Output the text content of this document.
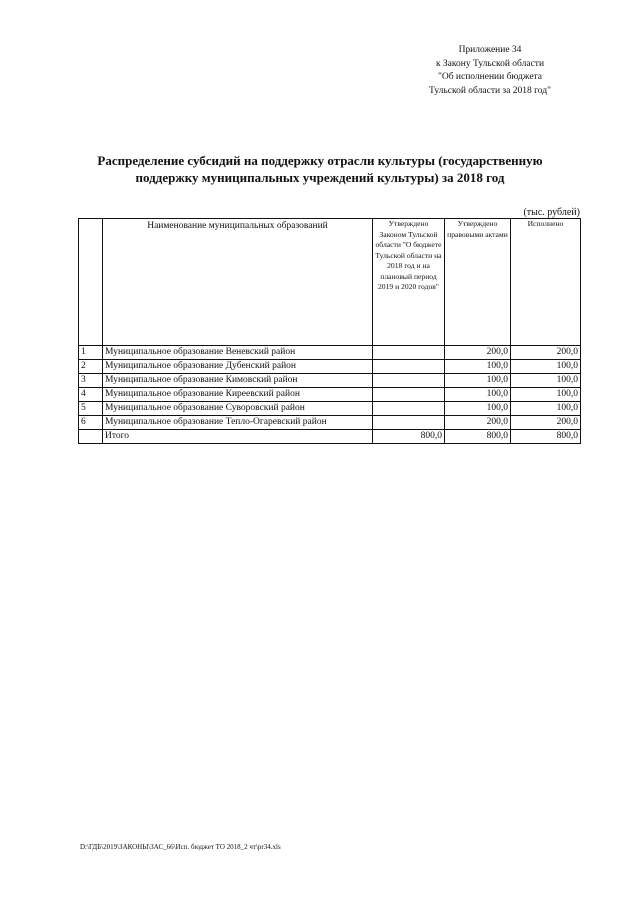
Приложение 34
к Закону Тульской области
"Об исполнении бюджета
Тульской области за 2018 год"
Распределение субсидий на поддержку отрасли культуры (государственную
поддержку муниципальных учреждений культуры) за 2018 год
(тыс. рублей)
	Наименование муниципальных образований	Утверждено Законом Тульской области "О бюджете Тульской области на 2018 год и на плановый период 2019 и 2020 годов"	Утверждено правовыми актами	Исполнено
1	Муниципальное образование Веневский район		200,0	200,0
2	Муниципальное образование Дубенский район		100,0	100,0
3	Муниципальное образование Кимовский район		100,0	100,0
4	Муниципальное образование Киреевский район		100,0	100,0
5	Муниципальное образование Суворовский район		100,0	100,0
6	Муниципальное образование Тепло-Огаревский район		200,0	200,0
	Итого	800,0	800,0	800,0
D:\ГДБ\2019\ЗАКОНЫ\ЗАС_66\Исп. бюджет ТО 2018_2 чт\pr34.xls
